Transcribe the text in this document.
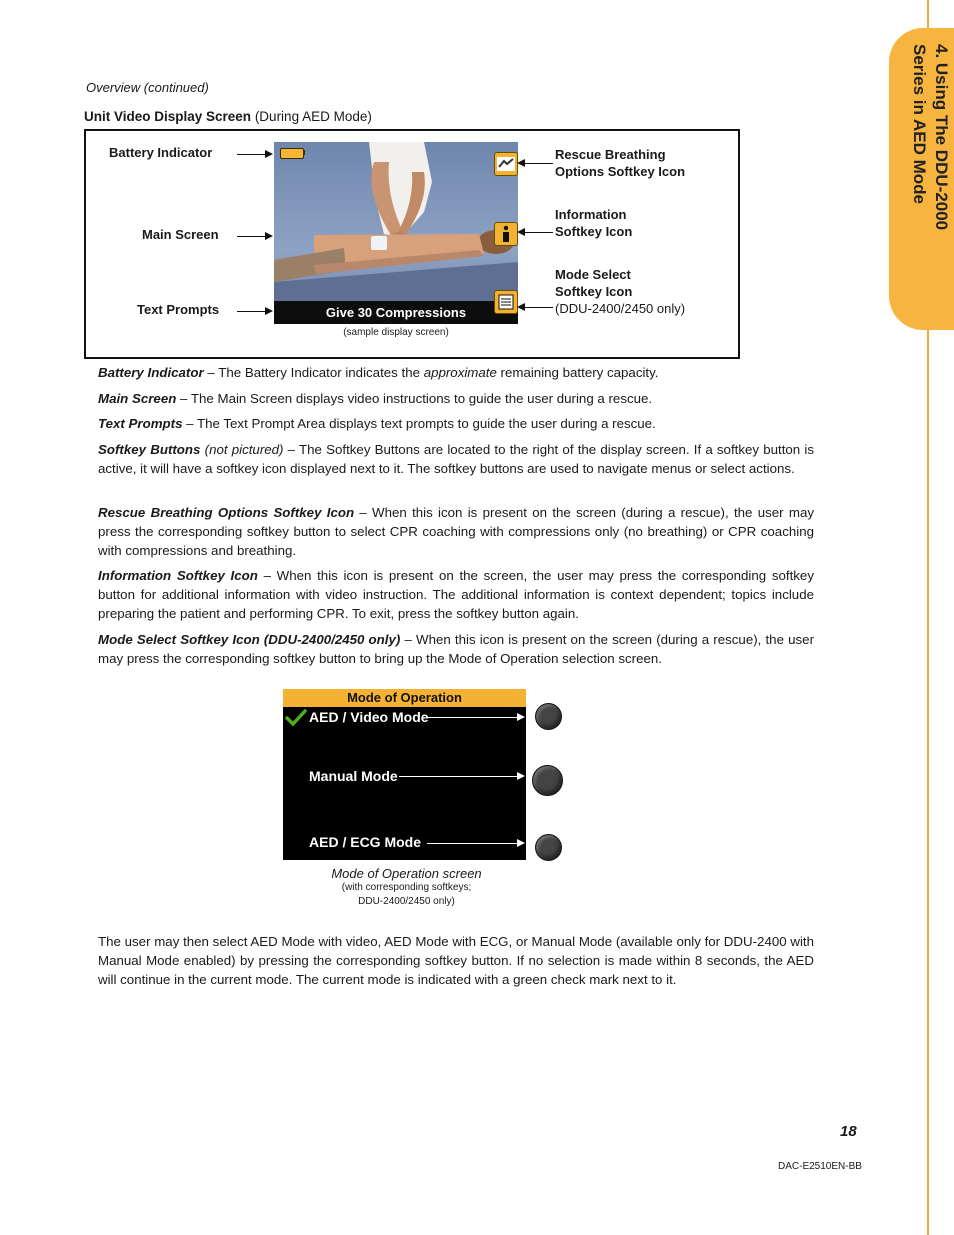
4. Using The DDU-2000
Series in AED Mode
Overview (continued)
Unit Video Display Screen (During AED Mode)
Battery Indicator
Main Screen
Text Prompts	Give 30 Compressions
Rescue Breathing
Options Softkey Icon
Information
Softkey Icon
Mode Select
Softkey Icon
(DDU-2400/2450 only)
(sample display screen)
Battery Indicator – The Battery Indicator indicates the approximate remaining battery capacity.
Main Screen – The Main Screen displays video instructions to guide the user during a rescue.
Text Prompts – The Text Prompt Area displays text prompts to guide the user during a rescue.
Softkey Buttons (not pictured) – The Softkey Buttons are located to the right of the display screen. If a softkey button is active, it will have a softkey icon displayed next to it. The softkey buttons are used to navigate menus or select actions.
Rescue Breathing Options Softkey Icon – When this icon is present on the screen (during a rescue), the user may press the corresponding softkey button to select CPR coaching with compressions only (no breathing) or CPR coaching with compressions and breathing.
Information Softkey Icon – When this icon is present on the screen, the user may press the corresponding softkey button for additional information with video instruction. The additional information is context dependent; topics include preparing the patient and performing CPR. To exit, press the softkey button again.
Mode Select Softkey Icon (DDU-2400/2450 only) – When this icon is present on the screen (during a rescue), the user may press the corresponding softkey button to bring up the Mode of Operation selection screen.
Mode of Operation
AED / Video Mode
Manual Mode
AED / ECG Mode
Mode of Operation screen
(with corresponding softkeys;
DDU-2400/2450 only)
The user may then select AED Mode with video, AED Mode with ECG, or Manual Mode (available only for DDU-2400 with Manual Mode enabled) by pressing the corresponding softkey button. If no selection is made within 8 seconds, the AED will continue in the current mode. The current mode is indicated with a green check mark next to it.
18
DAC-E2510EN-BB
